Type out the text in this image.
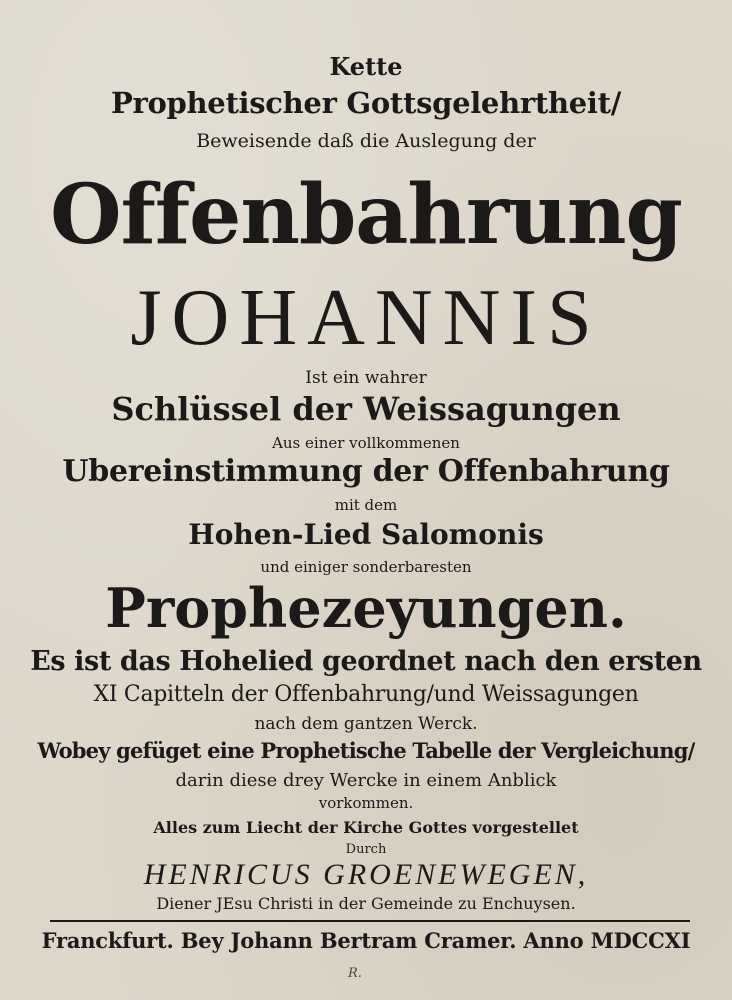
Kette
Prophetischer Gottsgelehrtheit/
Beweisende daß die Auslegung der
Offenbahrung
JOHANNIS
Ist ein wahrer
Schlüssel der Weissagungen
Aus einer vollkommenen
Ubereinstimmung der Offenbahrung
mit dem
Hohen-Lied Salomonis
und einiger sonderbaresten
Prophezeyungen.
Es ist das Hohelied geordnet nach den ersten
XI Capitteln der Offenbahrung/und Weissagungen
nach dem gantzen Werck.
Wobey gefüget eine Prophetische Tabelle der Vergleichung/
darin diese drey Wercke in einem Anblick
vorkommen.
Alles zum Liecht der Kirche Gottes vorgestellet
Durch
HENRICUS GROENEWEGEN,
Diener JEsu Christi in der Gemeinde zu Enchuysen.
Franckfurt. Bey Johann Bertram Cramer. Anno MDCCXI
R.
